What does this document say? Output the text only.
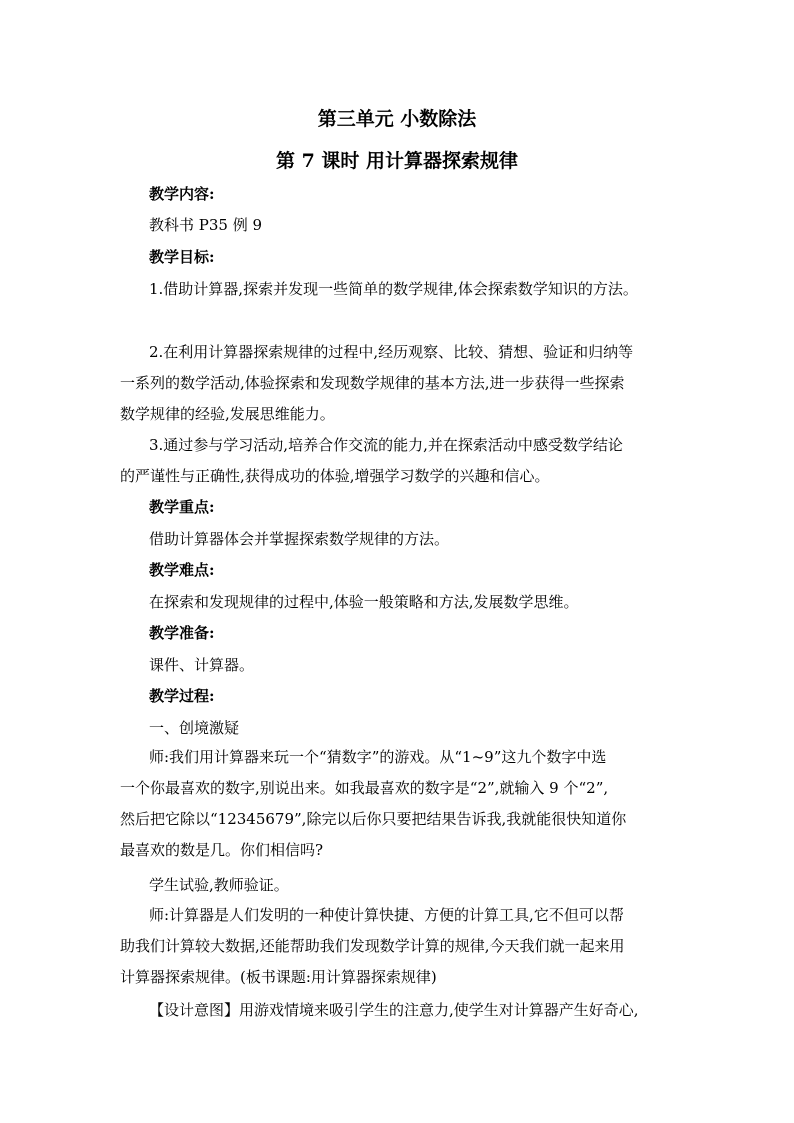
第三单元 小数除法
第 7 课时 用计算器探索规律
教学内容:
教科书 P35 例 9
教学目标:
1.借助计算器,探索并发现一些简单的数学规律,体会探索数学知识的方法。
2.在利用计算器探索规律的过程中,经历观察、比较、猜想、验证和归纳等
一系列的数学活动,体验探索和发现数学规律的基本方法,进一步获得一些探索
数学规律的经验,发展思维能力。
3.通过参与学习活动,培养合作交流的能力,并在探索活动中感受数学结论
的严谨性与正确性,获得成功的体验,增强学习数学的兴趣和信心。
教学重点:
借助计算器体会并掌握探索数学规律的方法。
教学难点:
在探索和发现规律的过程中,体验一般策略和方法,发展数学思维。
教学准备:
课件、计算器。
教学过程:
一、创境激疑
师:我们用计算器来玩一个“猜数字”的游戏。从“1~9”这九个数字中选
一个你最喜欢的数字,别说出来。如我最喜欢的数字是“2”,就输入 9 个“2”,
然后把它除以“12345679”,除完以后你只要把结果告诉我,我就能很快知道你
最喜欢的数是几。你们相信吗?
学生试验,教师验证。
师:计算器是人们发明的一种使计算快捷、方便的计算工具,它不但可以帮
助我们计算较大数据,还能帮助我们发现数学计算的规律,今天我们就一起来用
计算器探索规律。(板书课题:用计算器探索规律)
【设计意图】用游戏情境来吸引学生的注意力,使学生对计算器产生好奇心,
